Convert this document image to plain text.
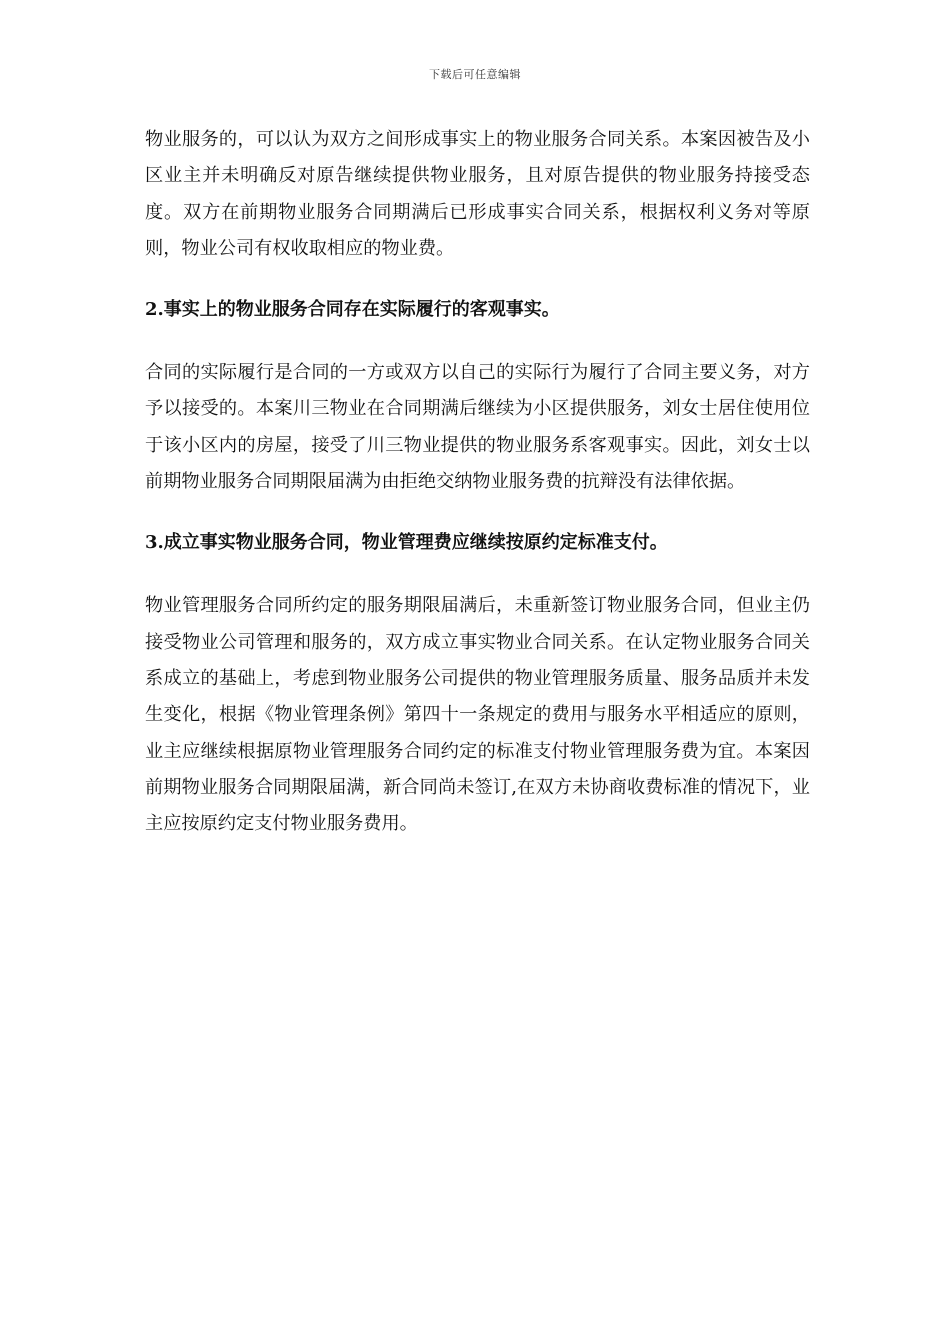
下载后可任意编辑

物业服务的，可以认为双方之间形成事实上的物业服务合同关系。本案因被告及小区业主并未明确反对原告继续提供物业服务，且对原告提供的物业服务持接受态度。双方在前期物业服务合同期满后已形成事实合同关系，根据权利义务对等原则，物业公司有权收取相应的物业费。

2.事实上的物业服务合同存在实际履行的客观事实。

合同的实际履行是合同的一方或双方以自己的实际行为履行了合同主要义务，对方予以接受的。本案川三物业在合同期满后继续为小区提供服务，刘女士居住使用位于该小区内的房屋，接受了川三物业提供的物业服务系客观事实。因此，刘女士以前期物业服务合同期限届满为由拒绝交纳物业服务费的抗辩没有法律依据。

3.成立事实物业服务合同，物业管理费应继续按原约定标准支付。

物业管理服务合同所约定的服务期限届满后，未重新签订物业服务合同，但业主仍接受物业公司管理和服务的，双方成立事实物业合同关系。在认定物业服务合同关系成立的基础上，考虑到物业服务公司提供的物业管理服务质量、服务品质并未发生变化，根据《物业管理条例》第四十一条规定的费用与服务水平相适应的原则，业主应继续根据原物业管理服务合同约定的标准支付物业管理服务费为宜。本案因前期物业服务合同期限届满，新合同尚未签订,在双方未协商收费标准的情况下，业主应按原约定支付物业服务费用。
